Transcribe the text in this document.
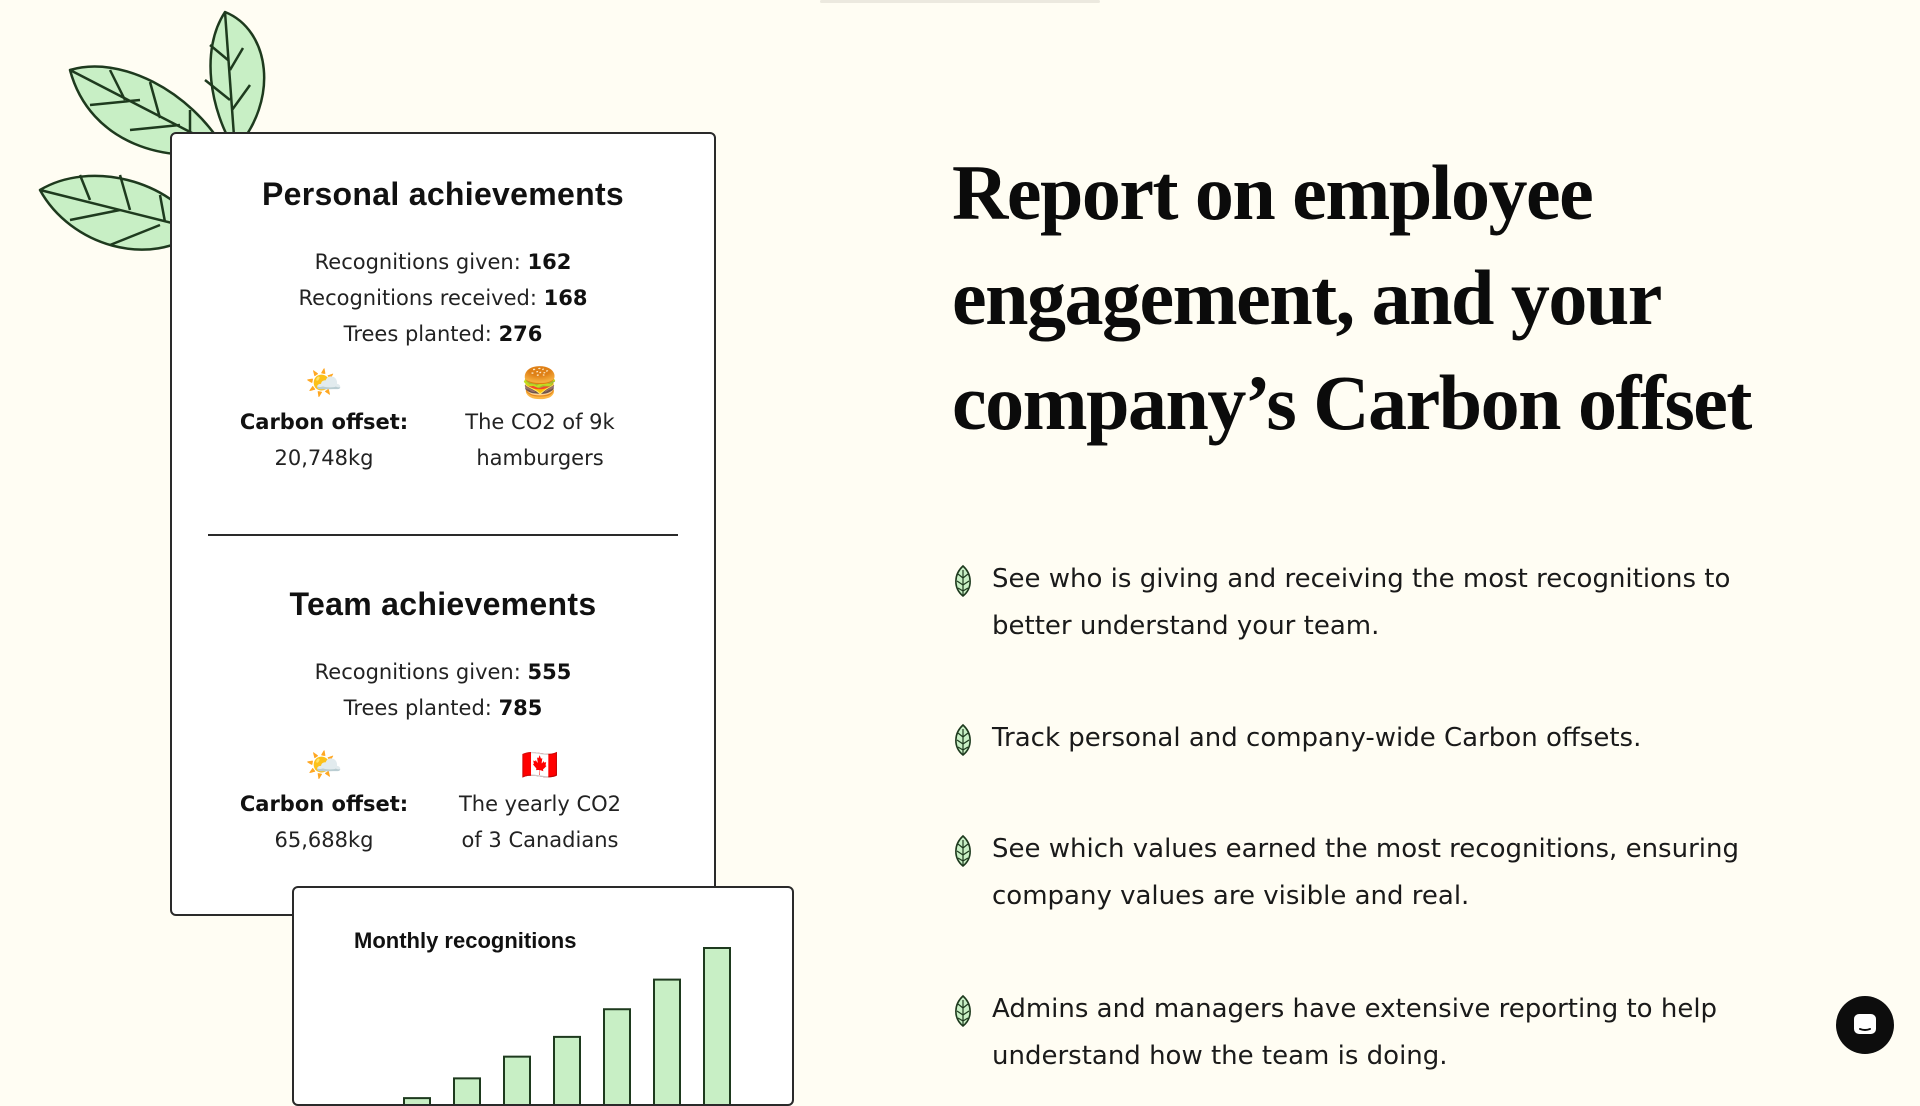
Personal achievements
Recognitions given: 162
Recognitions received: 168
Trees planted: 276
🌤️
Carbon offset:
20,748kg
🍔
The CO2 of 9k
hamburgers
Team achievements
Recognitions given: 555
Trees planted: 785
🌤️
Carbon offset:
65,688kg
🇨🇦
The yearly CO2
of 3 Canadians
Monthly recognitions
Report on employee
engagement, and your
company’s Carbon offset

See who is giving and receiving the most recognitions to
better understand your team.

Track personal and company-wide Carbon offsets.

See which values earned the most recognitions, ensuring
company values are visible and real.

Admins and managers have extensive reporting to help
understand how the team is doing.
